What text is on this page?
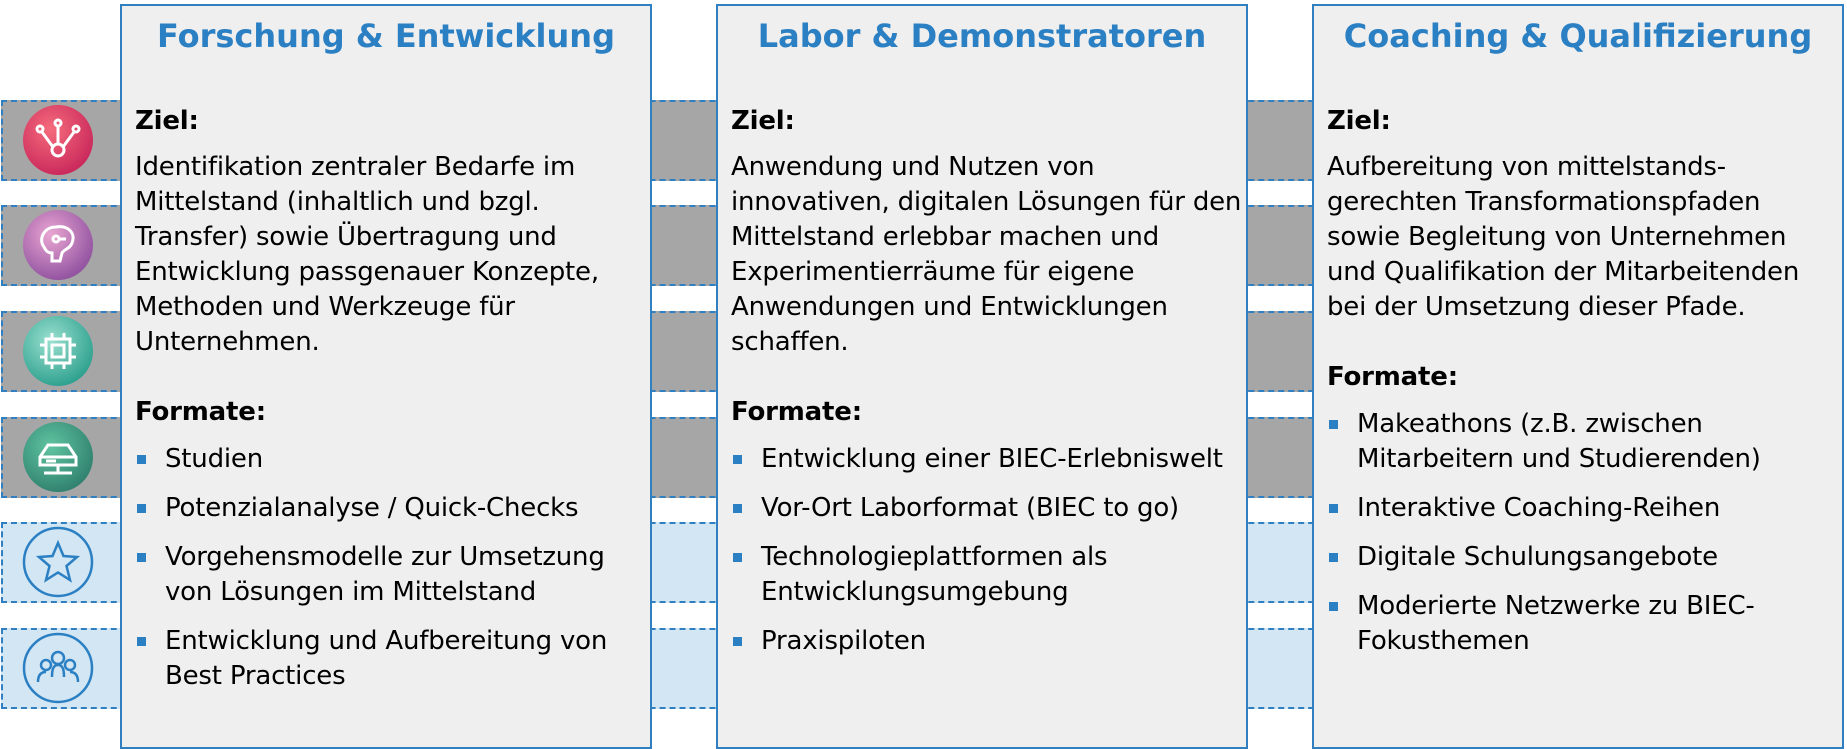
Forschung & Entwicklung
Ziel:
Identifikation zentraler Bedarfe im Mittelstand (inhaltlich und bzgl. Transfer) sowie Übertragung und Entwicklung passgenauer Konzepte, Methoden und Werkzeuge für Unternehmen.
Formate:
Studien
Potenzialanalyse / Quick-Checks
Vorgehensmodelle zur Umsetzung von Lösungen im Mittelstand
Entwicklung und Aufbereitung von Best Practices
Labor & Demonstratoren
Ziel:
Anwendung und Nutzen von innovativen, digitalen Lösungen für den Mittelstand erlebbar machen und Experimentierräume für eigene Anwendungen und Entwicklungen schaffen.
Formate:
Entwicklung einer BIEC-Erlebniswelt
Vor-Ort Laborformat (BIEC to go)
Technologieplattformen als Entwicklungsumgebung
Praxispiloten
Coaching & Qualifizierung
Ziel:
Aufbereitung von mittelstands-gerechten Transformationspfaden sowie Begleitung von Unternehmen und Qualifikation der Mitarbeitenden bei der Umsetzung dieser Pfade.
Formate:
Makeathons (z.B. zwischen Mitarbeitern und Studierenden)
Interaktive Coaching-Reihen
Digitale Schulungsangebote
Moderierte Netzwerke zu BIEC-Fokusthemen
